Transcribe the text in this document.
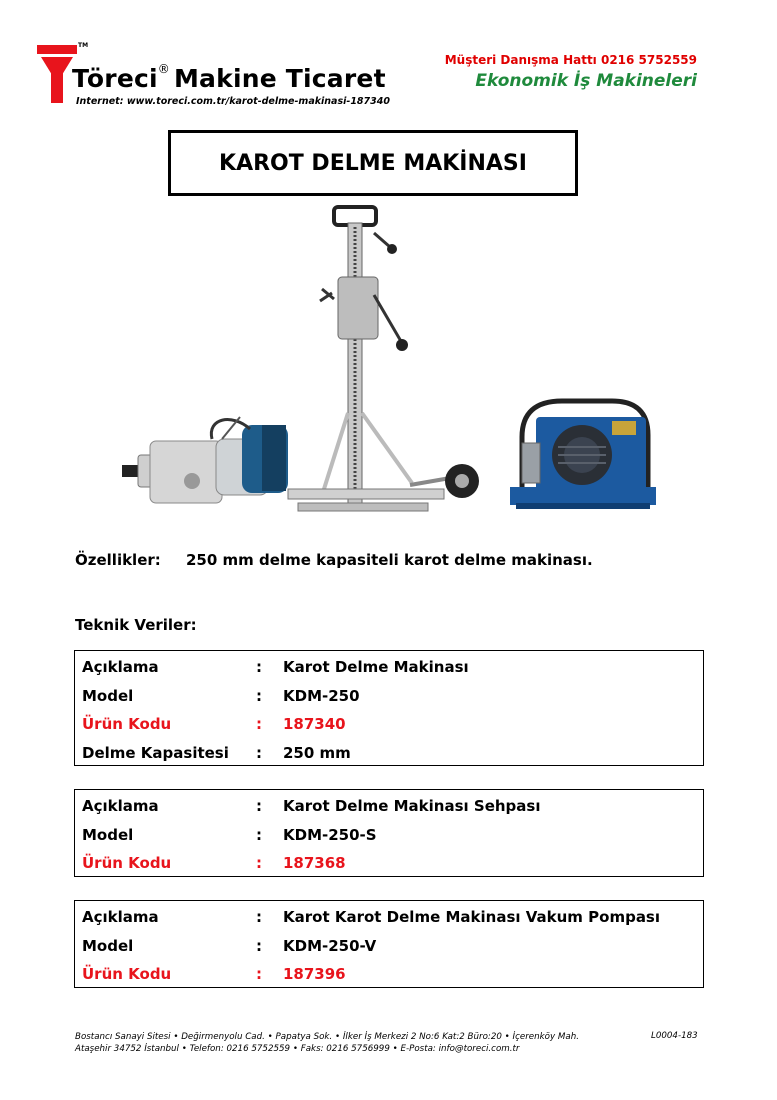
TM
Töreci® Makine Ticaret
Internet: www.toreci.com.tr/karot-delme-makinasi-187340
Müşteri Danışma Hattı 0216 5752559
Ekonomik İş Makineleri
KAROT DELME MAKİNASI
Özellikler: 250 mm delme kapasiteli karot delme makinası.
Teknik Veriler:
Açıklama	:	Karot Delme Makinası
Model	:	KDM-250
Ürün Kodu	:	187340
Delme Kapasitesi	:	250 mm
Açıklama	:	Karot Delme Makinası Sehpası
Model	:	KDM-250-S
Ürün Kodu	:	187368
Açıklama	:	Karot Karot Delme Makinası Vakum Pompası
Model	:	KDM-250-V
Ürün Kodu	:	187396
Bostancı Sanayi Sitesi • Değirmenyolu Cad. • Papatya Sok. • İlker İş Merkezi 2 No:6 Kat:2 Büro:20 • İçerenköy Mah.
Ataşehir 34752 İstanbul • Telefon: 0216 5752559 • Faks: 0216 5756999 • E-Posta: info@toreci.com.tr
L0004-183
